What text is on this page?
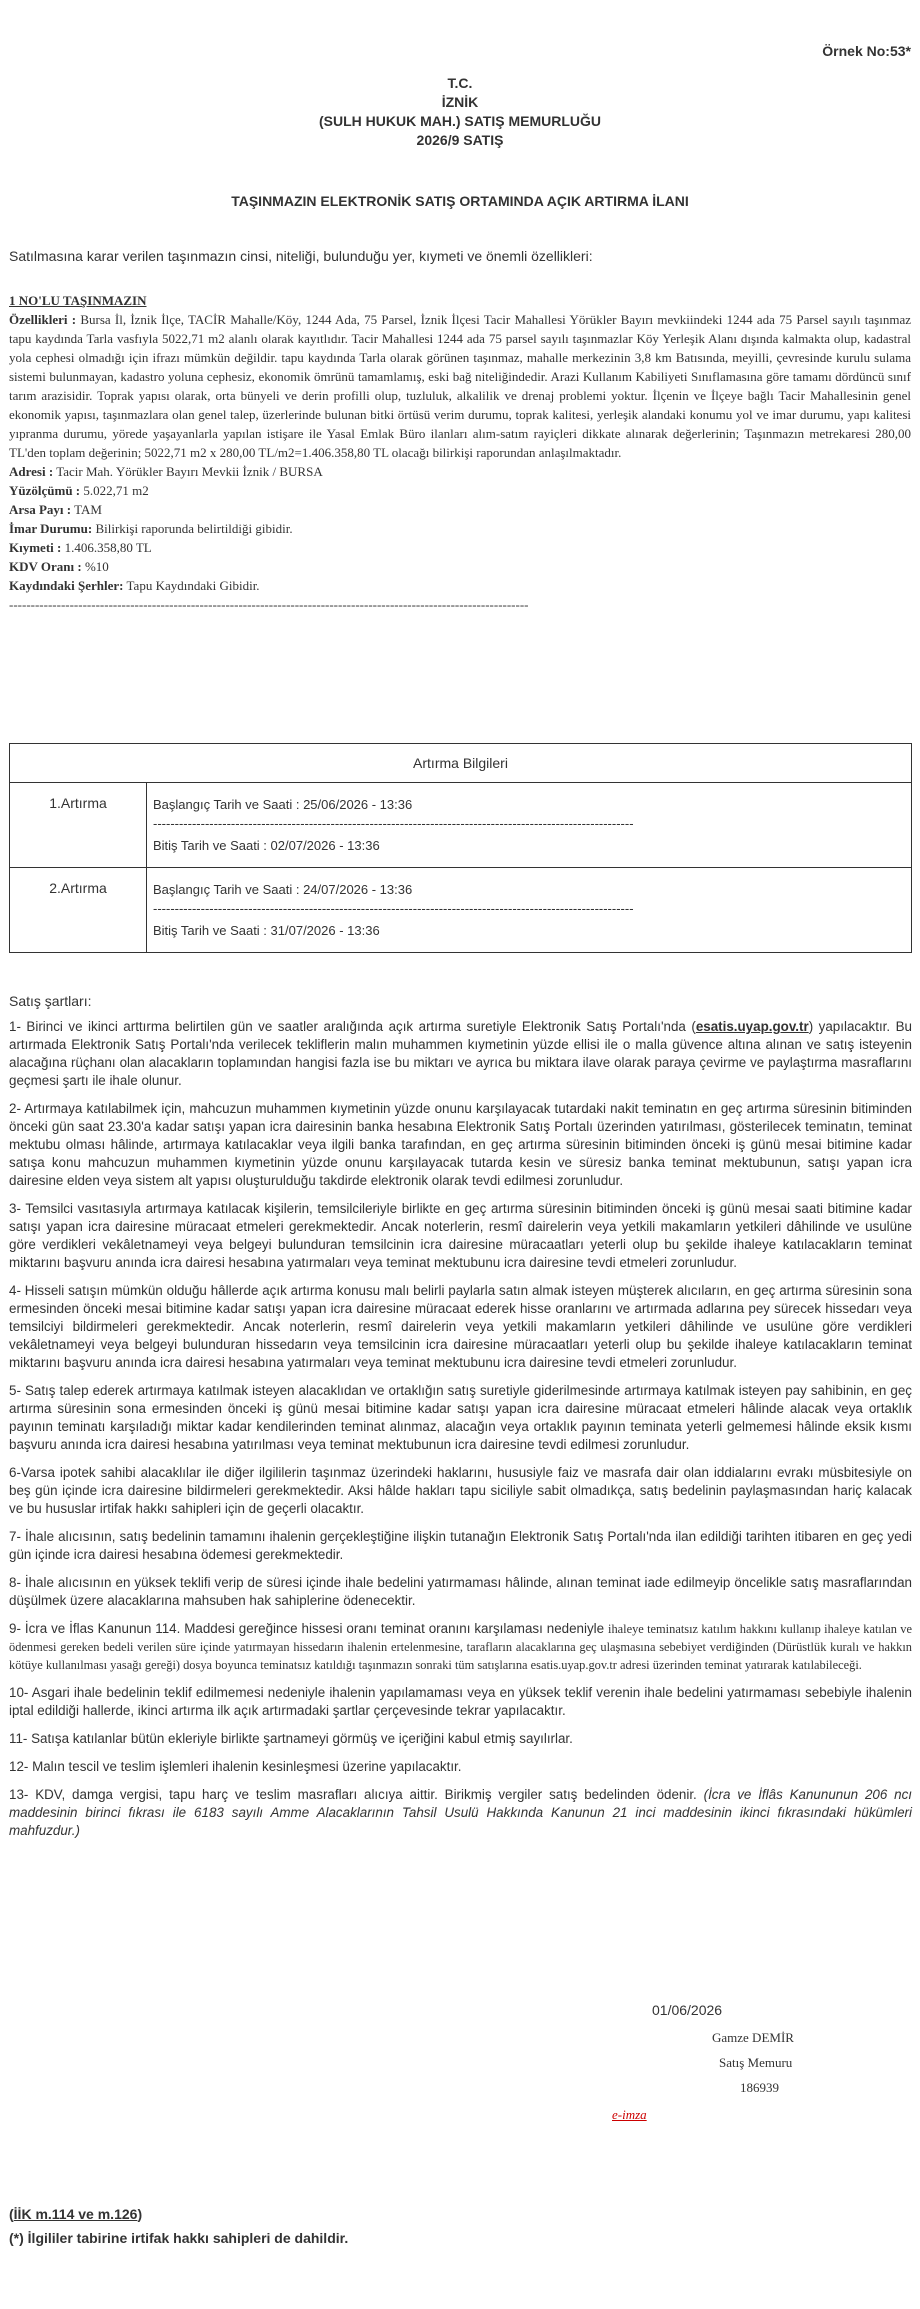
Örnek No:53*
T.C.
İZNİK
(SULH HUKUK MAH.) SATIŞ MEMURLUĞU
2026/9 SATIŞ
TAŞINMAZIN ELEKTRONİK SATIŞ ORTAMINDA AÇIK ARTIRMA İLANI
Satılmasına karar verilen taşınmazın cinsi, niteliği, bulunduğu yer, kıymeti ve önemli özellikleri:

1 NO'LU TAŞINMAZIN

Özellikleri : Bursa İl, İznik İlçe, TACİR Mahalle/Köy, 1244 Ada, 75 Parsel, İznik İlçesi Tacir Mahallesi Yörükler Bayırı mevkiindeki 1244 ada 75 Parsel sayılı taşınmaz tapu kaydında Tarla vasfıyla 5022,71 m2 alanlı olarak kayıtlıdır. Tacir Mahallesi 1244 ada 75 parsel sayılı taşınmazlar Köy Yerleşik Alanı dışında kalmakta olup, kadastral yola cephesi olmadığı için ifrazı mümkün değildir. tapu kaydında Tarla olarak görünen taşınmaz, mahalle merkezinin 3,8 km Batısında, meyilli, çevresinde kurulu sulama sistemi bulunmayan, kadastro yoluna cephesiz, ekonomik ömrünü tamamlamış, eski bağ niteliğindedir. Arazi Kullanım Kabiliyeti Sınıflamasına göre tamamı dördüncü sınıf tarım arazisidir. Toprak yapısı olarak, orta bünyeli ve derin profilli olup, tuzluluk, alkalilik ve drenaj problemi yoktur. İlçenin ve İlçeye bağlı Tacir Mahallesinin genel ekonomik yapısı, taşınmazlara olan genel talep, üzerlerinde bulunan bitki örtüsü verim durumu, toprak kalitesi, yerleşik alandaki konumu yol ve imar durumu, yapı kalitesi yıpranma durumu, yörede yaşayanlarla yapılan istişare ile Yasal Emlak Büro ilanları alım-satım rayiçleri dikkate alınarak değerlerinin; Taşınmazın metrekaresi 280,00 TL'den toplam değerinin; 5022,71 m2 x 280,00 TL/m2=1.406.358,80 TL olacağı bilirkişi raporundan anlaşılmaktadır.

Adresi : Tacir Mah. Yörükler Bayırı Mevkii İznik / BURSA

Yüzölçümü : 5.022,71 m2

Arsa Payı : TAM

İmar Durumu: Bilirkişi raporunda belirtildiği gibidir.

Kıymeti : 1.406.358,80 TL

KDV Oranı : %10

Kaydındaki Şerhler: Tapu Kaydındaki Gibidir.

------------------------------------------------------------------------------------------------------------------------

Artırma Bilgileri	
1.Artırma	Başlangıç Tarih ve Saati : 25/06/2026 - 13:36
---------------------------------------------------------------------------------------------------------------
Bitiş Tarih ve Saati : 02/07/2026 - 13:36

2.Artırma	Başlangıç Tarih ve Saati : 24/07/2026 - 13:36
---------------------------------------------------------------------------------------------------------------
Bitiş Tarih ve Saati : 31/07/2026 - 13:36
Satış şartları:

1- Birinci ve ikinci arttırma belirtilen gün ve saatler aralığında açık artırma suretiyle Elektronik Satış Portalı'nda (esatis.uyap.gov.tr) yapılacaktır. Bu artırmada Elektronik Satış Portalı'nda verilecek tekliflerin malın muhammen kıymetinin yüzde ellisi ile o malla güvence altına alınan ve satış isteyenin alacağına rüçhanı olan alacakların toplamından hangisi fazla ise bu miktarı ve ayrıca bu miktara ilave olarak paraya çevirme ve paylaştırma masraflarını geçmesi şartı ile ihale olunur.

2- Artırmaya katılabilmek için, mahcuzun muhammen kıymetinin yüzde onunu karşılayacak tutardaki nakit teminatın en geç artırma süresinin bitiminden önceki gün saat 23.30'a kadar satışı yapan icra dairesinin banka hesabına Elektronik Satış Portalı üzerinden yatırılması, gösterilecek teminatın, teminat mektubu olması hâlinde, artırmaya katılacaklar veya ilgili banka tarafından, en geç artırma süresinin bitiminden önceki iş günü mesai bitimine kadar satışa konu mahcuzun muhammen kıymetinin yüzde onunu karşılayacak tutarda kesin ve süresiz banka teminat mektubunun, satışı yapan icra dairesine elden veya sistem alt yapısı oluşturulduğu takdirde elektronik olarak tevdi edilmesi zorunludur.

3- Temsilci vasıtasıyla artırmaya katılacak kişilerin, temsilcileriyle birlikte en geç artırma süresinin bitiminden önceki iş günü mesai saati bitimine kadar satışı yapan icra dairesine müracaat etmeleri gerekmektedir. Ancak noterlerin, resmî dairelerin veya yetkili makamların yetkileri dâhilinde ve usulüne göre verdikleri vekâletnameyi veya belgeyi bulunduran temsilcinin icra dairesine müracaatları yeterli olup bu şekilde ihaleye katılacakların teminat miktarını başvuru anında icra dairesi hesabına yatırmaları veya teminat mektubunu icra dairesine tevdi etmeleri zorunludur.

4- Hisseli satışın mümkün olduğu hâllerde açık artırma konusu malı belirli paylarla satın almak isteyen müşterek alıcıların, en geç artırma süresinin sona ermesinden önceki mesai bitimine kadar satışı yapan icra dairesine müracaat ederek hisse oranlarını ve artırmada adlarına pey sürecek hissedarı veya temsilciyi bildirmeleri gerekmektedir. Ancak noterlerin, resmî dairelerin veya yetkili makamların yetkileri dâhilinde ve usulüne göre verdikleri vekâletnameyi veya belgeyi bulunduran hissedarın veya temsilcinin icra dairesine müracaatları yeterli olup bu şekilde ihaleye katılacakların teminat miktarını başvuru anında icra dairesi hesabına yatırmaları veya teminat mektubunu icra dairesine tevdi etmeleri zorunludur.

5- Satış talep ederek artırmaya katılmak isteyen alacaklıdan ve ortaklığın satış suretiyle giderilmesinde artırmaya katılmak isteyen pay sahibinin, en geç artırma süresinin sona ermesinden önceki iş günü mesai bitimine kadar satışı yapan icra dairesine müracaat etmeleri hâlinde alacak veya ortaklık payının teminatı karşıladığı miktar kadar kendilerinden teminat alınmaz, alacağın veya ortaklık payının teminata yeterli gelmemesi hâlinde eksik kısmı başvuru anında icra dairesi hesabına yatırılması veya teminat mektubunun icra dairesine tevdi edilmesi zorunludur.

6-Varsa ipotek sahibi alacaklılar ile diğer ilgililerin taşınmaz üzerindeki haklarını, hususiyle faiz ve masrafa dair olan iddialarını evrakı müsbitesiyle on beş gün içinde icra dairesine bildirmeleri gerekmektedir. Aksi hâlde hakları tapu siciliyle sabit olmadıkça, satış bedelinin paylaşmasından hariç kalacak ve bu hususlar irtifak hakkı sahipleri için de geçerli olacaktır.

7- İhale alıcısının, satış bedelinin tamamını ihalenin gerçekleştiğine ilişkin tutanağın Elektronik Satış Portalı'nda ilan edildiği tarihten itibaren en geç yedi gün içinde icra dairesi hesabına ödemesi gerekmektedir.

8- İhale alıcısının en yüksek teklifi verip de süresi içinde ihale bedelini yatırmaması hâlinde, alınan teminat iade edilmeyip öncelikle satış masraflarından düşülmek üzere alacaklarına mahsuben hak sahiplerine ödenecektir.

9- İcra ve İflas Kanunun 114. Maddesi gereğince hissesi oranı teminat oranını karşılaması nedeniyle ihaleye teminatsız katılım hakkını kullanıp ihaleye katılan ve ödenmesi gereken bedeli verilen süre içinde yatırmayan hissedarın ihalenin ertelenmesine, tarafların alacaklarına geç ulaşmasına sebebiyet verdiğinden (Dürüstlük kuralı ve hakkın kötüye kullanılması yasağı gereği) dosya boyunca teminatsız katıldığı taşınmazın sonraki tüm satışlarına esatis.uyap.gov.tr adresi üzerinden teminat yatırarak katılabileceği.

10- Asgari ihale bedelinin teklif edilmemesi nedeniyle ihalenin yapılamaması veya en yüksek teklif verenin ihale bedelini yatırmaması sebebiyle ihalenin iptal edildiği hallerde, ikinci artırma ilk açık artırmadaki şartlar çerçevesinde tekrar yapılacaktır.

11- Satışa katılanlar bütün ekleriyle birlikte şartnameyi görmüş ve içeriğini kabul etmiş sayılırlar.

12- Malın tescil ve teslim işlemleri ihalenin kesinleşmesi üzerine yapılacaktır.

13- KDV, damga vergisi, tapu harç ve teslim masrafları alıcıya aittir. Birikmiş vergiler satış bedelinden ödenir. (İcra ve İflâs Kanununun 206 ncı maddesinin birinci fıkrası ile 6183 sayılı Amme Alacaklarının Tahsil Usulü Hakkında Kanunun 21 inci maddesinin ikinci fıkrasındaki hükümleri mahfuzdur.)

01/06/2026
Gamze DEMİR
Satış Memuru
186939
e-imza
(İİK m.114 ve m.126)
(*) İlgililer tabirine irtifak hakkı sahipleri de dahildir.
